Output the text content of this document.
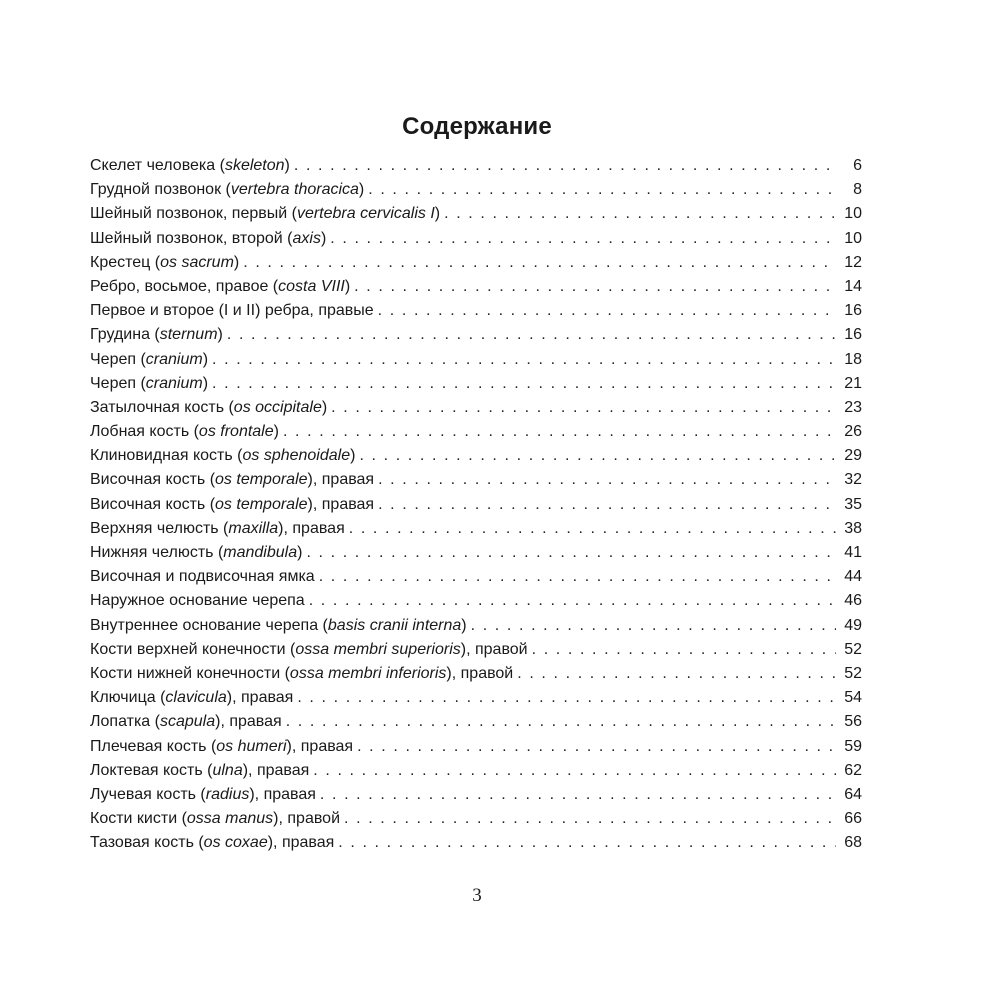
Содержание
Скелет человека (skeleton) . . .	6
Грудной позвонок (vertebra thoracica) . . .	8
Шейный позвонок, первый (vertebra cervicalis I) . . .	10
Шейный позвонок, второй (axis) . . .	10
Крестец (os sacrum) . . .	12
Ребро, восьмое, правое (costa VIII) . . .	14
Первое и второе (I и II) ребра, правые . . .	16
Грудина (sternum) . . .	16
Череп (cranium) . . .	18
Череп (cranium) . . .	21
Затылочная кость (os occipitale) . . .	23
Лобная кость (os frontale) . . .	26
Клиновидная кость (os sphenoidale) . . .	29
Височная кость (os temporale), правая . . .	32
Височная кость (os temporale), правая . . .	35
Верхняя челюсть (maxilla), правая . . .	38
Нижняя челюсть (mandibula) . . .	41
Височная и подвисочная ямка . . .	44
Наружное основание черепа . . .	46
Внутреннее основание черепа (basis cranii interna) . . .	49
Кости верхней конечности (ossa membri superioris), правой . . .	52
Кости нижней конечности (ossa membri inferioris), правой . . .	52
Ключица (clavicula), правая . . .	54
Лопатка (scapula), правая . . .	56
Плечевая кость (os humeri), правая . . .	59
Локтевая кость (ulna), правая . . .	62
Лучевая кость (radius), правая . . .	64
Кости кисти (ossa manus), правой . . .	66
Тазовая кость (os coxae), правая . . .	68
3
